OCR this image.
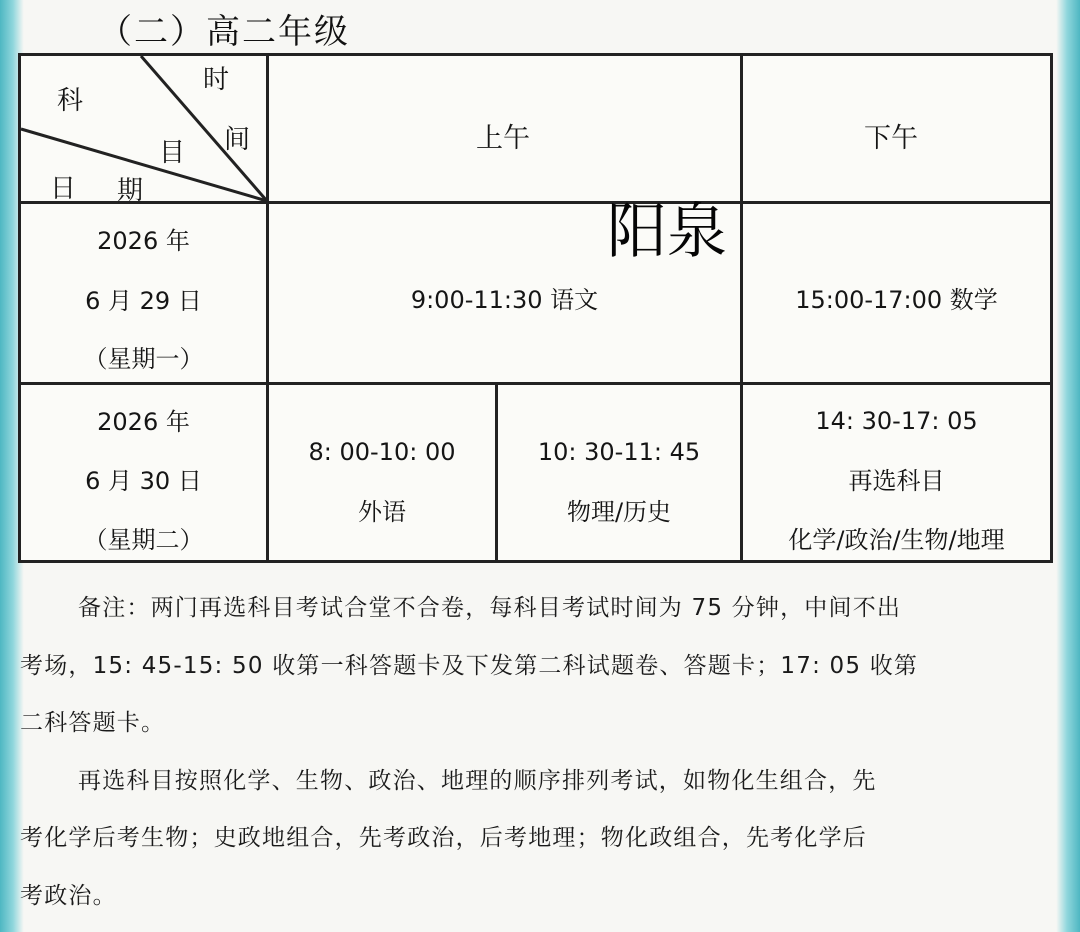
（二）高二年级
科
目
时
间
日 期
上午	下午
阳泉
2026 年
6 月 29 日
（星期一）
9:00-11:30 语文	15:00-17:00 数学
2026 年
6 月 30 日
（星期二）
8: 00-10: 00
外语
10: 30-11: 45
物理/历史
14: 30-17: 05
再选科目
化学/政治/生物/地理

备注：两门再选科目考试合堂不合卷，每科目考试时间为 75 分钟，中间不出

考场，15: 45-15: 50 收第一科答题卡及下发第二科试题卷、答题卡；17: 05 收第

二科答题卡。

再选科目按照化学、生物、政治、地理的顺序排列考试，如物化生组合，先

考化学后考生物；史政地组合，先考政治，后考地理；物化政组合，先考化学后

考政治。
